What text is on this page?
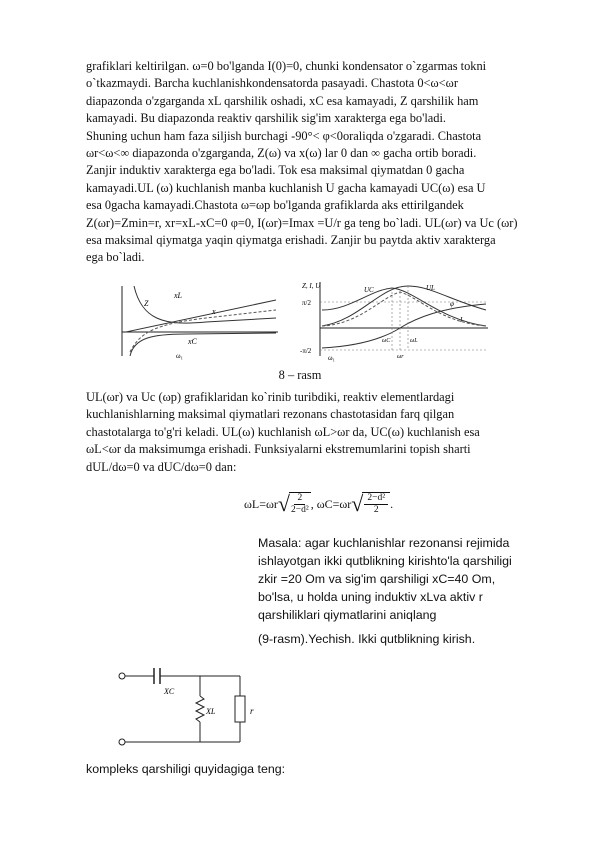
grafiklari keltirilgan. ω=0 bo'lganda I(0)=0, chunki kondensator o`zgarmas tokni
o`tkazmaydi. Barcha kuchlanishkondensatorda pasayadi. Chastota 0<ω<ωr
diapazonda o'zgarganda xL qarshilik oshadi, xC esa kamayadi, Z qarshilik ham
kamayadi. Bu diapazonda reaktiv qarshilik sig'im xarakterga ega bo'ladi.
Shuning uchun ham faza siljish burchagi -90°< φ<0oraliqda o'zgaradi. Chastota
ωr<ω<∞ diapazonda o'zgarganda, Z(ω) va x(ω) lar 0 dan ∞ gacha ortib boradi.
Zanjir induktiv xarakterga ega bo'ladi. Tok esa maksimal qiymatdan 0 gacha
kamayadi.UL (ω) kuchlanish manba kuchlanish U gacha kamayadi UC(ω) esa U
esa 0gacha kamayadi.Chastota ω=ωp bo'lganda grafiklarda aks ettirilgandek
Z(ωr)=Zmin=r, xr=xL-xC=0 φ=0, I(ωr)=Imax =U/r ga teng bo`ladi. UL(ωr) va Uc (ωr)
esa maksimal qiymatga yaqin qiymatga erishadi. Zanjir bu paytda aktiv xarakterga
ega bo`ladi.

Z
xL
x
xC
ω₁
Z, I, U
π/2
-π/2
UL
UC
φ
I
ωC
ωr
ωL
ω₁
8 – rasm

UL(ωr) va Uc (ωp) grafiklaridan ko`rinib turibdiki, reaktiv elementlardagi
kuchlanishlarning maksimal qiymatlari rezonans chastotasidan farq qilgan
chastotalarga to'g'ri keladi. UL(ω) kuchlanish ωL>ωr da, UC(ω) kuchlanish esa
ωL<ωr da maksimumga erishadi. Funksiyalarni ekstremumlarini topish sharti
dUL/dω=0 va dUC/dω=0 dan:

ωL=ωr √ $\frac{2}{\text{2−d²}}$ , ωC=ωr √ $\frac{\text{2−d²}}{2}$ .

Masala: agar kuchlanishlar rezonansi rejimida
ishlayotgan ikki qutblikning kirishto'la qarshiligi
zkir =20 Om va sig'im qarshiligi xC=40 Om,
bo'lsa, u holda uning induktiv xLva aktiv r
qarshiliklari qiymatlarini aniqlang

(9-rasm).Yechish. Ikki qutblikning kirish.
XC
XL	r
kompleks qarshiligi quyidagiga teng:
